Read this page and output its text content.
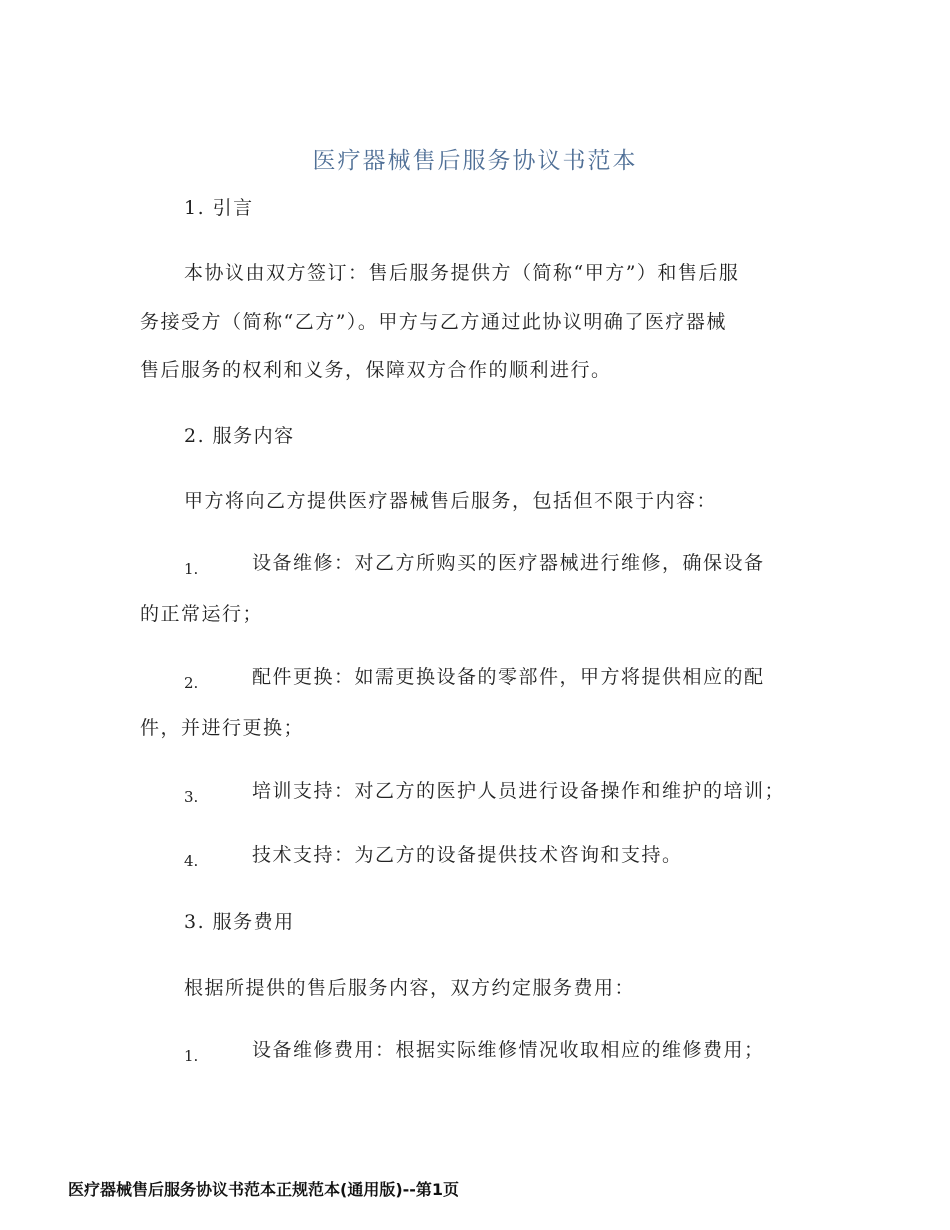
医疗器械售后服务协议书范本
1. 引言
本协议由双方签订：售后服务提供方（简称“甲方”）和售后服
务接受方（简称“乙方”）。甲方与乙方通过此协议明确了医疗器械
售后服务的权利和义务，保障双方合作的顺利进行。
2. 服务内容
甲方将向乙方提供医疗器械售后服务，包括但不限于内容：
1.	设备维修：对乙方所购买的医疗器械进行维修，确保设备
的正常运行；
2.	配件更换：如需更换设备的零部件，甲方将提供相应的配
件，并进行更换；
3.	培训支持：对乙方的医护人员进行设备操作和维护的培训；
4.	技术支持：为乙方的设备提供技术咨询和支持。
3. 服务费用
根据所提供的售后服务内容，双方约定服务费用：
1.	设备维修费用：根据实际维修情况收取相应的维修费用；
医疗器械售后服务协议书范本正规范本(通用版)--第1页
